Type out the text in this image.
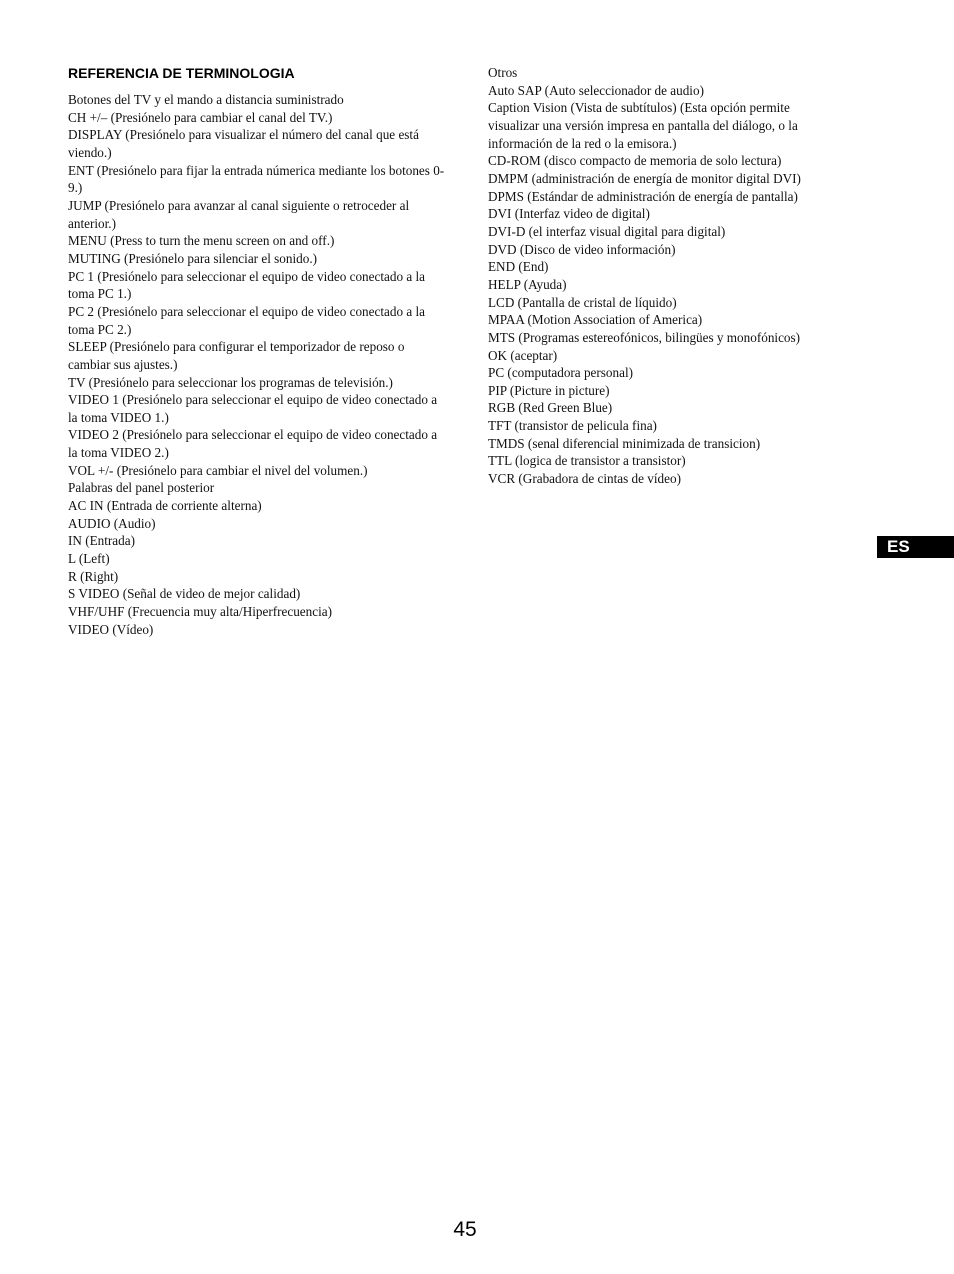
REFERENCIA DE TERMINOLOGIA

Botones del TV y el mando a distancia suministrado

CH +/– (Presiónelo para cambiar el canal del TV.)

DISPLAY (Presiónelo para visualizar el número del canal que está viendo.)

ENT (Presiónelo para fijar la entrada númerica mediante los botones 0-9.)

JUMP (Presiónelo para avanzar al canal siguiente o retroceder al anterior.)

MENU (Press to turn the menu screen on and off.)

MUTING (Presiónelo para silenciar el sonido.)

PC 1 (Presiónelo para seleccionar el equipo de video conectado a la toma PC 1.)

PC 2 (Presiónelo para seleccionar el equipo de video conectado a la toma PC 2.)

SLEEP (Presiónelo para configurar el temporizador de reposo o cambiar sus ajustes.)

TV (Presiónelo para seleccionar los programas de televisión.)

VIDEO 1 (Presiónelo para seleccionar el equipo de video conectado a la toma VIDEO 1.)

VIDEO 2 (Presiónelo para seleccionar el equipo de video conectado a la toma VIDEO 2.)

VOL +/- (Presiónelo para cambiar el nivel del volumen.)

Palabras del panel posterior

AC IN (Entrada de corriente alterna)

AUDIO (Audio)

IN (Entrada)

L (Left)

R (Right)

S VIDEO (Señal de video de mejor calidad)

VHF/UHF (Frecuencia muy alta/Hiperfrecuencia)

VIDEO (Vídeo)

Otros

Auto SAP (Auto seleccionador de audio)

Caption Vision (Vista de subtítulos) (Esta opción permite visualizar una versión impresa en pantalla del diálogo, o la información de la red o la emisora.)

CD-ROM (disco compacto de memoria de solo lectura)

DMPM (administración de energía de monitor digital DVI)

DPMS (Estándar de administración de energía de pantalla)

DVI (Interfaz video de digital)

DVI-D (el interfaz visual digital para digital)

DVD (Disco de video información)

END (End)

HELP (Ayuda)

LCD (Pantalla de cristal de líquido)

MPAA (Motion Association of America)

MTS (Programas estereofónicos, bilingües y monofónicos)

OK (aceptar)

PC (computadora personal)

PIP (Picture in picture)

RGB (Red Green Blue)

TFT (transistor de pelicula fina)

TMDS (senal diferencial minimizada de transicion)

TTL (logica de transistor a transistor)

VCR (Grabadora de cintas de vídeo)

ES
45
